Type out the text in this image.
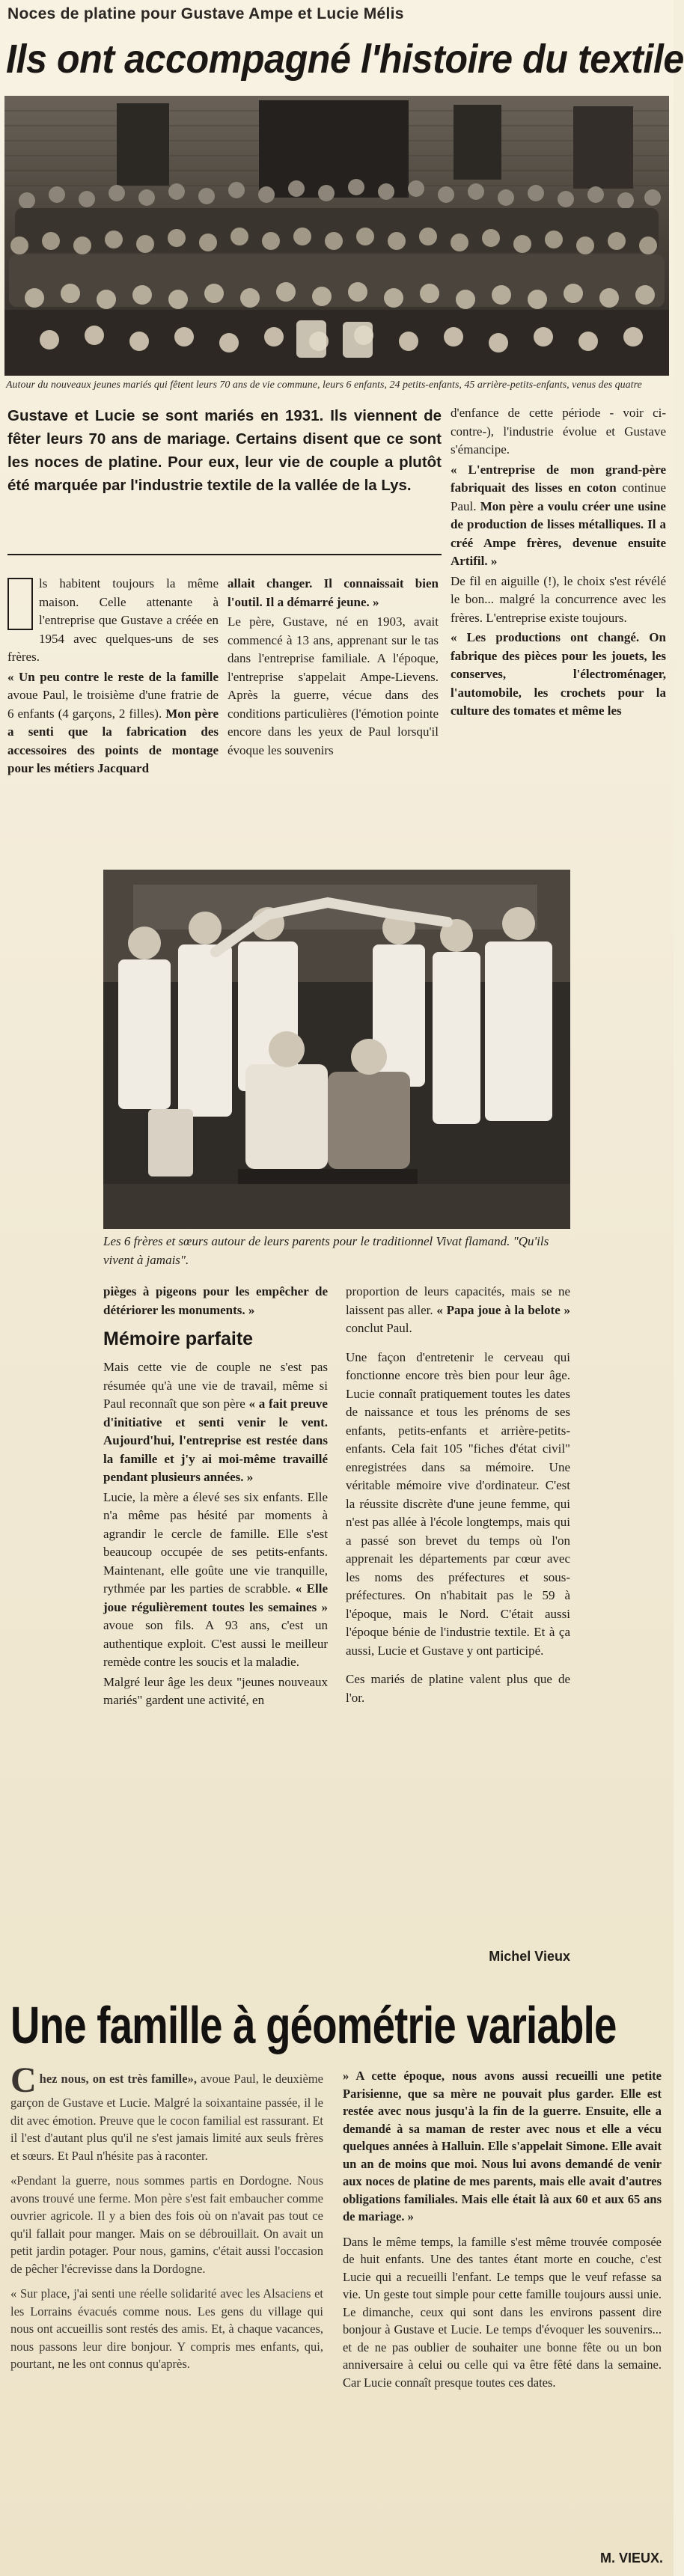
Noces de platine pour Gustave Ampe et Lucie Mélis
Ils ont accompagné l'histoire du textile
Autour du nouveaux jeunes mariés qui fêtent leurs 70 ans de vie commune, leurs 6 enfants, 24 petits-enfants, 45 arrière-petits-enfants, venus des quatre
Gustave et Lucie se sont mariés en 1931. Ils viennent de fêter leurs 70 ans de mariage. Certains disent que ce sont les noces de platine. Pour eux, leur vie de couple a plutôt été marquée par l'industrie textile de la vallée de la Lys.

ls habitent toujours la même maison. Celle attenante à l'entreprise que Gustave a créée en 1954 avec quelques-uns de ses frères.

« Un peu contre le reste de la famille avoue Paul, le troisième d'une fratrie de 6 enfants (4 garçons, 2 filles). Mon père a senti que la fabrication des accessoires des points de montage pour les métiers Jacquard

allait changer. Il connaissait bien l'outil. Il a démarré jeune. »

Le père, Gustave, né en 1903, avait commencé à 13 ans, apprenant sur le tas dans l'entreprise familiale. A l'époque, l'entreprise s'appelait Ampe-Lievens. Après la guerre, vécue dans des conditions particulières (l'émotion pointe encore dans les yeux de Paul lorsqu'il évoque les souvenirs

d'enfance de cette période - voir ci-contre-), l'industrie évolue et Gustave s'émancipe.

« L'entreprise de mon grand-père fabriquait des lisses en coton continue Paul. Mon père a voulu créer une usine de production de lisses métalliques. Il a créé Ampe frères, devenue ensuite Artifil. »

De fil en aiguille (!), le choix s'est révélé le bon... malgré la concurrence avec les frères. L'entreprise existe toujours.

« Les productions ont changé. On fabrique des pièces pour les jouets, les conserves, l'électroménager, l'automobile, les crochets pour la culture des tomates et même les

Les 6 frères et sœurs autour de leurs parents pour le traditionnel Vivat flamand. "Qu'ils vivent à jamais".

pièges à pigeons pour les empêcher de détériorer les monuments. »

Mémoire parfaite

Mais cette vie de couple ne s'est pas résumée qu'à une vie de travail, même si Paul reconnaît que son père « a fait preuve d'initiative et senti venir le vent. Aujourd'hui, l'entreprise est restée dans la famille et j'y ai moi-même travaillé pendant plusieurs années. »

Lucie, la mère a élevé ses six enfants. Elle n'a même pas hésité par moments à agrandir le cercle de famille. Elle s'est beaucoup occupée de ses petits-enfants. Maintenant, elle goûte une vie tranquille, rythmée par les parties de scrabble. « Elle joue régulièrement toutes les semaines » avoue son fils. A 93 ans, c'est un authentique exploit. C'est aussi le meilleur remède contre les soucis et la maladie.

Malgré leur âge les deux "jeunes nouveaux mariés" gardent une activité, en

proportion de leurs capacités, mais se ne laissent pas aller. « Papa joue à la belote » conclut Paul.

Une façon d'entretenir le cerveau qui fonctionne encore très bien pour leur âge. Lucie connaît pratiquement toutes les dates de naissance et tous les prénoms de ses enfants, petits-enfants et arrière-petits-enfants. Cela fait 105 "fiches d'état civil" enregistrées dans sa mémoire. Une véritable mémoire vive d'ordinateur. C'est la réussite discrète d'une jeune femme, qui n'est pas allée à l'école longtemps, mais qui a passé son brevet du temps où l'on apprenait les départements par cœur avec les noms des préfectures et sous-préfectures. On n'habitait pas le 59 à l'époque, mais le Nord. C'était aussi l'époque bénie de l'industrie textile. Et à ça aussi, Lucie et Gustave y ont participé.

Ces mariés de platine valent plus que de l'or.

Michel Vieux
Une famille à géométrie variable

Chez nous, on est très famille», avoue Paul, le deuxième garçon de Gustave et Lucie. Malgré la soixantaine passée, il le dit avec émotion. Preuve que le cocon familial est rassurant. Et il l'est d'autant plus qu'il ne s'est jamais limité aux seuls frères et sœurs. Et Paul n'hésite pas à raconter.

«Pendant la guerre, nous sommes partis en Dordogne. Nous avons trouvé une ferme. Mon père s'est fait embaucher comme ouvrier agricole. Il y a bien des fois où on n'avait pas tout ce qu'il fallait pour manger. Mais on se débrouillait. On avait un petit jardin potager. Pour nous, gamins, c'était aussi l'occasion de pêcher l'écrevisse dans la Dordogne.

« Sur place, j'ai senti une réelle solidarité avec les Alsaciens et les Lorrains évacués comme nous. Les gens du village qui nous ont accueillis sont restés des amis. Et, à chaque vacances, nous passons leur dire bonjour. Y compris mes enfants, qui, pourtant, ne les ont connus qu'après.

» A cette époque, nous avons aussi recueilli une petite Parisienne, que sa mère ne pouvait plus garder. Elle est restée avec nous jusqu'à la fin de la guerre. Ensuite, elle a demandé à sa maman de rester avec nous et elle a vécu quelques années à Halluin. Elle s'appelait Simone. Elle avait un an de moins que moi. Nous lui avons demandé de venir aux noces de platine de mes parents, mais elle avait d'autres obligations familiales. Mais elle était là aux 60 et aux 65 ans de mariage. »

Dans le même temps, la famille s'est même trouvée composée de huit enfants. Une des tantes étant morte en couche, c'est Lucie qui a recueilli l'enfant. Le temps que le veuf refasse sa vie. Un geste tout simple pour cette famille toujours aussi unie. Le dimanche, ceux qui sont dans les environs passent dire bonjour à Gustave et Lucie. Le temps d'évoquer les souvenirs... et de ne pas oublier de souhaiter une bonne fête ou un bon anniversaire à celui ou celle qui va être fêté dans la semaine. Car Lucie connaît presque toutes ces dates.

M. VIEUX.
